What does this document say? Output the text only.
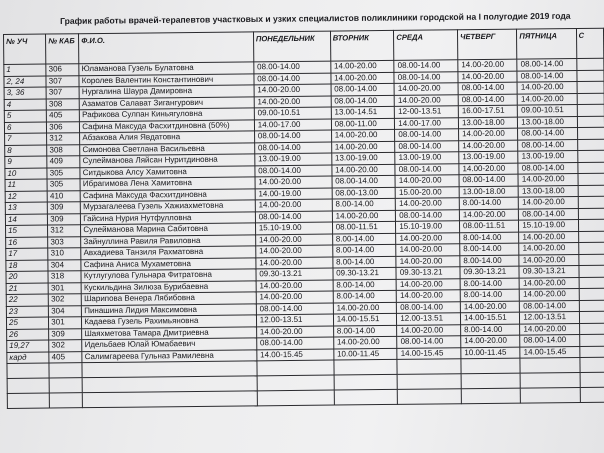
График работы врачей-терапевтов участковых и узких специалистов поликлиники городской на I полугодие 2019 года
№ УЧ	№ КАБ	Ф.И.О.	ПОНЕДЕЛЬНИК	ВТОРНИК	СРЕДА	ЧЕТВЕРГ	ПЯТНИЦА	С
1	306	Юламанова Гузель Булатовна	08.00-14.00	14.00-20.00	08.00-14.00	14.00-20.00	08.00-14.00	
2, 24	307	Королев Валентин Константинович	08.00-14.00	14.00-20.00	08.00-14.00	14.00-20.00	08.00-14.00	
3, 36	307	Нургалина Шаура Дамировна	14.00-20.00	08.00-14.00	14.00-20.00	08.00-14.00	14.00-20.00	
4	308	Азаматов Салават Зигангурович	14.00-20.00	08.00-14.00	14.00-20.00	08.00-14.00	14.00-20.00	
5	405	Рафикова Сулпан Киньягуловна	09.00-10.51	13.00-14.51	12-00-13.51	16.00-17.51	09.00-10.51	
6	306	Сафина Максуда Фасхитдиновна (50%)	14.00-17.00	08.00-11.00	14.00-17.00	13.00-18.00	13.00-18.00	
7	312	Абзакова Алия Явдатовна	08.00-14.00	14.00-20.00	08.00-14.00	14.00-20.00	08.00-14.00	
8	308	Симонова Светлана Васильевна	08.00-14.00	14.00-20.00	08.00-14.00	14.00-20.00	08.00-14.00	
9	409	Сулейманова Ляйсан Нуритдиновна	13.00-19.00	13.00-19.00	13.00-19.00	13.00-19.00	13.00-19.00	
10	305	Ситдыкова Алсу Хамитовна	08.00-14.00	14.00-20.00	08.00-14.00	14.00-20.00	08.00-14.00	
11	305	Ибрагимова Лена Хамитовна	14.00-20.00	08.00-14.00	14.00-20.00	08.00-14.00	14.00-20.00	
12	410	Сафина Максуда Фасхитдиновна	14.00-19.00	08.00-13.00	15.00-20.00	13.00-18.00	13.00-18.00	
13	309	Мурзагалеева Гузель Хажиахметовна	14.00-20.00	8.00-14.00	14.00-20.00	8.00-14.00	14.00-20.00	
14	309	Гайсина Нурия Нутфулловна	08.00-14.00	14.00-20.00	08.00-14.00	14.00-20.00	08.00-14.00	
15	312	Сулейманова Марина Сабитовна	15.10-19.00	08.00-11.51	15.10-19.00	08.00-11.51	15.10-19.00	
16	303	Зайнуллина Равиля Равиловна	14.00-20.00	8.00-14.00	14.00-20.00	8.00-14.00	14.00-20.00	
17	310	Авхадиева Танзиля Рахматовна	14.00-20.00	8.00-14.00	14.00-20.00	8.00-14.00	14.00-20.00	
18	304	Сафина Аниса Мухаметовна	14.00-20.00	8.00-14.00	14.00-20.00	8.00-14.00	14.00-20.00	
20	318	Кутлугулова Гульнара Фитратовна	09.30-13.21	09.30-13.21	09.30-13.21	09.30-13.21	09.30-13.21	
21	301	Кускильдина Зилюза Бурибаевна	14.00-20.00	8.00-14.00	14.00-20.00	8.00-14.00	14.00-20.00	
22	302	Шарипова Венера Лябибовна	14.00-20.00	8.00-14.00	14.00-20.00	8.00-14.00	14.00-20.00	
23	304	Пинашина Лидия Максимовна	08.00-14.00	14.00-20.00	08.00-14.00	14.00-20.00	08.00-14.00	
25	301	Кадаева Гузель Рахимьяновна	12.00-13.51	14.00-15.51	12.00-13.51	14.00-15.51	12.00-13.51	
26	309	Шаяхметова Тамара Дмитриевна	14.00-20.00	8.00-14.00	14.00-20.00	8.00-14.00	14.00-20.00	
19,27	302	Идельбаев Юлай Юмабаевич	08.00-14.00	14.00-20.00	08.00-14.00	14.00-20.00	08.00-14.00	
кард	405	Салимгареева Гульназ Рамилевна	14.00-15.45	10.00-11.45	14.00-15.45	10.00-11.45	14.00-15.45	
